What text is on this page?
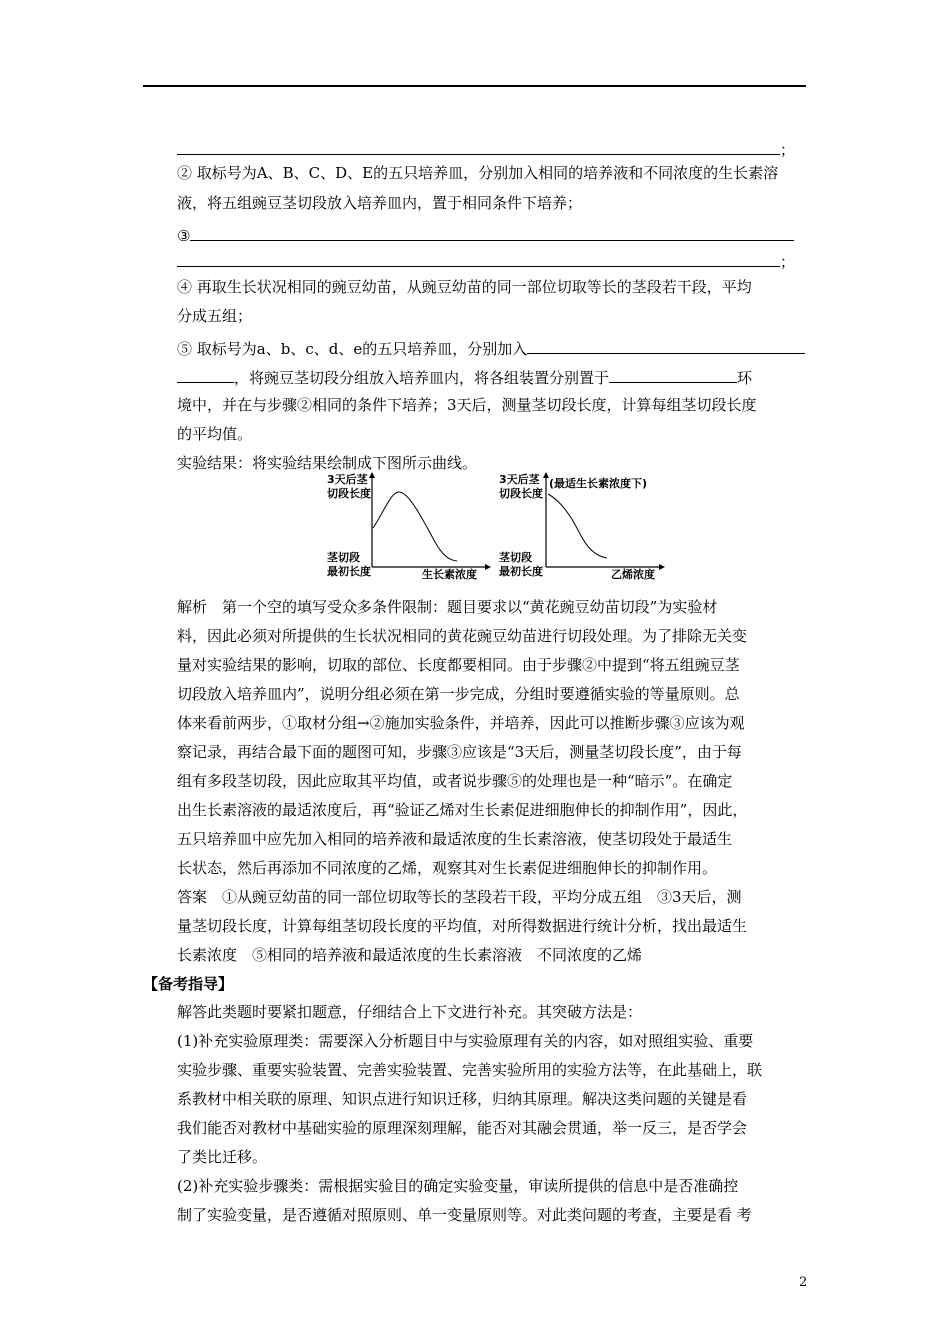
；
② 取标号为A、B、C、D、E的五只培养皿，分别加入相同的培养液和不同浓度的生长素溶
液，将五组豌豆茎切段放入培养皿内，置于相同条件下培养；
③
；
④ 再取生长状况相同的豌豆幼苗，从豌豆幼苗的同一部位切取等长的茎段若干段，平均
分成五组；
⑤ 取标号为a、b、c、d、e的五只培养皿，分别加入
，将豌豆茎切段分组放入培养皿内，将各组装置分别置于	环
境中，并在与步骤②相同的条件下培养；3天后，测量茎切段长度，计算每组茎切段长度
的平均值。
实验结果：将实验结果绘制成下图所示曲线。
3天后茎
切段长度
茎切段
最初长度	生长素浓度
3天后茎
切段长度
(最适生长素浓度下)
茎切段
最初长度	乙烯浓度
解析　第一个空的填写受众多条件限制：题目要求以“黄花豌豆幼苗切段”为实验材
料，因此必须对所提供的生长状况相同的黄花豌豆幼苗进行切段处理。为了排除无关变
量对实验结果的影响，切取的部位、长度都要相同。由于步骤②中提到“将五组豌豆茎
切段放入培养皿内”，说明分组必须在第一步完成，分组时要遵循实验的等量原则。总
体来看前两步，①取材分组→②施加实验条件，并培养，因此可以推断步骤③应该为观
察记录，再结合最下面的题图可知，步骤③应该是“3天后，测量茎切段长度”，由于每
组有多段茎切段，因此应取其平均值，或者说步骤⑤的处理也是一种“暗示”。在确定
出生长素溶液的最适浓度后，再“验证乙烯对生长素促进细胞伸长的抑制作用”，因此，
五只培养皿中应先加入相同的培养液和最适浓度的生长素溶液，使茎切段处于最适生
长状态，然后再添加不同浓度的乙烯，观察其对生长素促进细胞伸长的抑制作用。
答案　①从豌豆幼苗的同一部位切取等长的茎段若干段，平均分成五组　③3天后，测
量茎切段长度，计算每组茎切段长度的平均值，对所得数据进行统计分析，找出最适生
长素浓度　⑤相同的培养液和最适浓度的生长素溶液　不同浓度的乙烯
【备考指导】
解答此类题时要紧扣题意，仔细结合上下文进行补充。其突破方法是：
(1)补充实验原理类：需要深入分析题目中与实验原理有关的内容，如对照组实验、重要
实验步骤、重要实验装置、完善实验装置、完善实验所用的实验方法等，在此基础上，联
系教材中相关联的原理、知识点进行知识迁移，归纳其原理。解决这类问题的关键是看
我们能否对教材中基础实验的原理深刻理解，能否对其融会贯通，举一反三，是否学会
了类比迁移。
(2)补充实验步骤类：需根据实验目的确定实验变量，审读所提供的信息中是否准确控
制了实验变量，是否遵循对照原则、单一变量原则等。对此类问题的考查，主要是看 考
2
